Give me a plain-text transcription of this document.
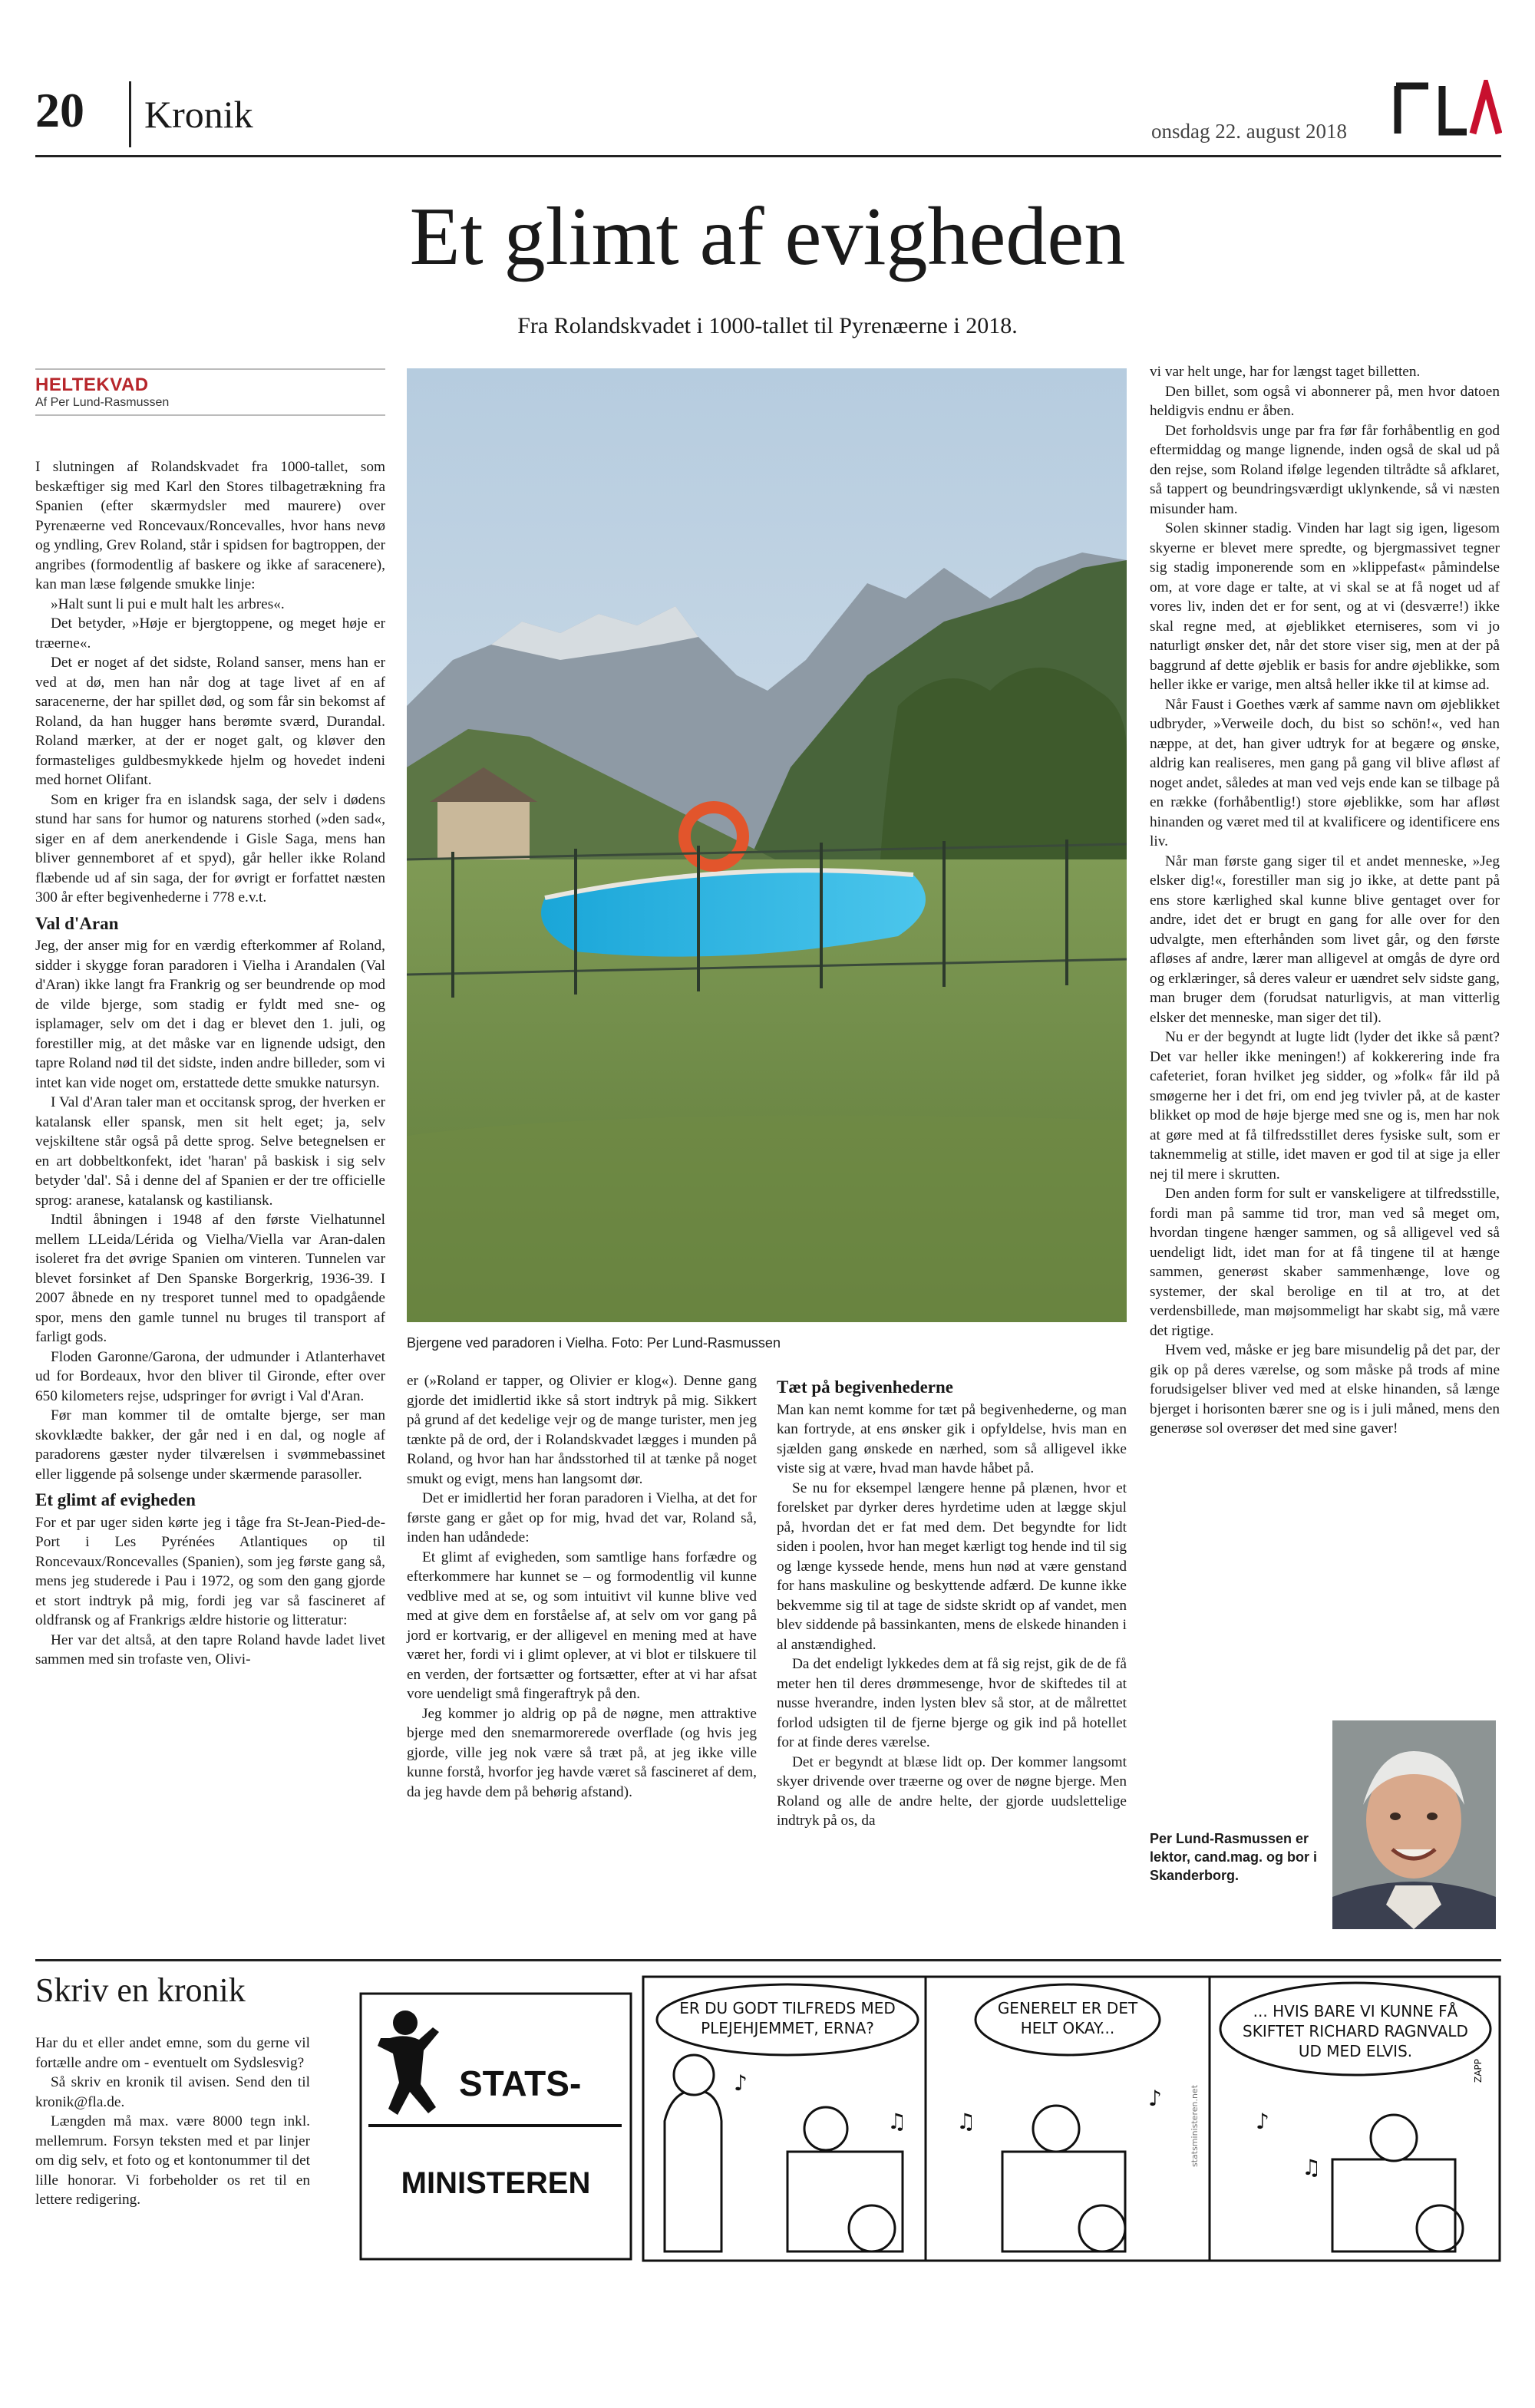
20 Kronik	onsdag 22. august 2018
Et glimt af evigheden
Fra Rolandskvadet i 1000-tallet til Pyrenæerne i 2018.
HELTEKVAD
Af Per Lund-Rasmussen

I slutningen af Rolandskvadet fra 1000-tallet, som beskæftiger sig med Karl den Stores tilbagetrækning fra Spanien (efter skærmydsler med maurere) over Pyrenæerne ved Roncevaux/Roncevalles, hvor hans nevø og yndling, Grev Roland, står i spidsen for bagtroppen, der angribes (formodentlig af baskere og ikke af saracenere), kan man læse følgende smukke linje:

»Halt sunt li pui e mult halt les arbres«.

Det betyder, »Høje er bjergtoppene, og meget høje er træerne«.

Det er noget af det sidste, Roland sanser, mens han er ved at dø, men han når dog at tage livet af en af saracenerne, der har spillet død, og som får sin bekomst af Roland, da han hugger hans berømte sværd, Durandal. Roland mærker, at der er noget galt, og kløver den formasteliges guldbesmykkede hjelm og hovedet indeni med hornet Olifant.

Som en kriger fra en islandsk saga, der selv i dødens stund har sans for humor og naturens storhed (»den sad«, siger en af dem anerkendende i Gisle Saga, mens han bliver gennemboret af et spyd), går heller ikke Roland flæbende ud af sin saga, der for øvrigt er forfattet næsten 300 år efter begivenhederne i 778 e.v.t.

Val d'Aran

Jeg, der anser mig for en værdig efterkommer af Roland, sidder i skygge foran paradoren i Vielha i Arandalen (Val d'Aran) ikke langt fra Frankrig og ser beundrende op mod de vilde bjerge, som stadig er fyldt med sne- og isplamager, selv om det i dag er blevet den 1. juli, og forestiller mig, at det måske var en lignende udsigt, den tapre Roland nød til det sidste, inden andre billeder, som vi intet kan vide noget om, erstattede dette smukke natursyn.

I Val d'Aran taler man et occitansk sprog, der hverken er katalansk eller spansk, men sit helt eget; ja, selv vejskiltene står også på dette sprog. Selve betegnelsen er en art dobbeltkonfekt, idet 'haran' på baskisk i sig selv betyder 'dal'. Så i denne del af Spanien er der tre officielle sprog: aranese, katalansk og kastiliansk.

Indtil åbningen i 1948 af den første Vielhatunnel mellem LLeida/Lérida og Vielha/Viella var Aran-dalen isoleret fra det øvrige Spanien om vinteren. Tunnelen var blevet forsinket af Den Spanske Borgerkrig, 1936-39. I 2007 åbnede en ny tresporet tunnel med to opadgående spor, mens den gamle tunnel nu bruges til transport af farligt gods.

Floden Garonne/Garona, der udmunder i Atlanterhavet ud for Bordeaux, hvor den bliver til Gironde, efter over 650 kilometers rejse, udspringer for øvrigt i Val d'Aran.

Før man kommer til de omtalte bjerge, ser man skovklædte bakker, der går ned i en dal, og nogle af paradorens gæster nyder tilværelsen i svømmebassinet eller liggende på solsenge under skærmende parasoller.

Et glimt af evigheden

For et par uger siden kørte jeg i tåge fra St-Jean-Pied-de-Port i Les Pyrénées Atlantiques op til Roncevaux/Roncevalles (Spanien), som jeg første gang så, mens jeg studerede i Pau i 1972, og som den gang gjorde et stort indtryk på mig, fordi jeg var så fascineret af oldfransk og af Frankrigs ældre historie og litteratur:

Her var det altså, at den tapre Roland havde ladet livet sammen med sin trofaste ven, Olivi-

Bjergene ved paradoren i Vielha. Foto: Per Lund-Rasmussen

er (»Roland er tapper, og Olivier er klog«). Denne gang gjorde det imidlertid ikke så stort indtryk på mig. Sikkert på grund af det kedelige vejr og de mange turister, men jeg tænkte på de ord, der i Rolandskvadet lægges i munden på Roland, og hvor han har åndsstorhed til at tænke på noget smukt og evigt, mens han langsomt dør.

Det er imidlertid her foran paradoren i Vielha, at det for første gang er gået op for mig, hvad det var, Roland så, inden han udåndede:

Et glimt af evigheden, som samtlige hans forfædre og efterkommere har kunnet se – og formodentlig vil kunne vedblive med at se, og som intuitivt vil kunne blive ved med at give dem en forståelse af, at selv om vor gang på jord er kortvarig, er der alligevel en mening med at have været her, fordi vi i glimt oplever, at vi blot er tilskuere til en verden, der fortsætter og fortsætter, efter at vi har afsat vore uendeligt små fingeraftryk på den.

Jeg kommer jo aldrig op på de nøgne, men attraktive bjerge med den snemarmorerede overflade (og hvis jeg gjorde, ville jeg nok være så træt på, at jeg ikke ville kunne forstå, hvorfor jeg havde været så fascineret af dem, da jeg havde dem på behørig afstand).

Tæt på begivenhederne

Man kan nemt komme for tæt på begivenhederne, og man kan fortryde, at ens ønsker gik i opfyldelse, hvis man en sjælden gang ønskede en nærhed, som så alligevel ikke viste sig at være, hvad man havde håbet på.

Se nu for eksempel længere henne på plænen, hvor et forelsket par dyrker deres hyrdetime uden at lægge skjul på, hvordan det er fat med dem. Det begyndte for lidt siden i poolen, hvor han meget kærligt tog hende ind til sig og længe kyssede hende, mens hun nød at være genstand for hans maskuline og beskyttende adfærd. De kunne ikke bekvemme sig til at tage de sidste skridt op af vandet, men blev siddende på bassinkanten, mens de elskede hinanden i al anstændighed.

Da det endeligt lykkedes dem at få sig rejst, gik de de få meter hen til deres drømmesenge, hvor de skiftedes til at nusse hverandre, inden lysten blev så stor, at de målrettet forlod udsigten til de fjerne bjerge og gik ind på hotellet for at finde deres værelse.

Det er begyndt at blæse lidt op. Der kommer langsomt skyer drivende over træerne og over de nøgne bjerge. Men Roland og alle de andre helte, der gjorde uudslettelige indtryk på os, da

vi var helt unge, har for længst taget billetten.

Den billet, som også vi abonnerer på, men hvor datoen heldigvis endnu er åben.

Det forholdsvis unge par fra før får forhåbentlig en god eftermiddag og mange lignende, inden også de skal ud på den rejse, som Roland ifølge legenden tiltrådte så afklaret, så tappert og beundringsværdigt uklynkende, så vi næsten misunder ham.

Solen skinner stadig. Vinden har lagt sig igen, ligesom skyerne er blevet mere spredte, og bjergmassivet tegner sig stadig imponerende som en »klippefast« påmindelse om, at vore dage er talte, at vi skal se at få noget ud af vores liv, inden det er for sent, og at vi (desværre!) ikke skal regne med, at øjeblikket eterniseres, som vi jo naturligt ønsker det, når det store viser sig, men at der på baggrund af dette øjeblik er basis for andre øjeblikke, som heller ikke er varige, men altså heller ikke til at kimse ad.

Når Faust i Goethes værk af samme navn om øjeblikket udbryder, »Verweile doch, du bist so schön!«, ved han næppe, at det, han giver udtryk for at begære og ønske, aldrig kan realiseres, men gang på gang vil blive afløst af noget andet, således at man ved vejs ende kan se tilbage på en række (forhåbentlig!) store øjeblikke, som har afløst hinanden og været med til at kvalificere og identificere ens liv.

Når man første gang siger til et andet menneske, »Jeg elsker dig!«, forestiller man sig jo ikke, at dette pant på ens store kærlighed skal kunne blive gentaget over for andre, idet det er brugt en gang for alle over for den udvalgte, men efterhånden som livet går, og den første afløses af andre, lærer man alligevel at omgås de dyre ord og erklæringer, så deres valeur er uændret selv sidste gang, man bruger dem (forudsat naturligvis, at man vitterlig elsker det menneske, man siger det til).

Nu er der begyndt at lugte lidt (lyder det ikke så pænt? Det var heller ikke meningen!) af kokkerering inde fra cafeteriet, foran hvilket jeg sidder, og »folk« får ild på smøgerne her i det fri, om end jeg tvivler på, at de kaster blikket op mod de høje bjerge med sne og is, men har nok at gøre med at få tilfredsstillet deres fysiske sult, som er taknemmelig at stille, idet maven er god til at sige ja eller nej til mere i skrutten.

Den anden form for sult er vanskeligere at tilfredsstille, fordi man på samme tid tror, man ved så meget om, hvordan tingene hænger sammen, og så alligevel ved så uendeligt lidt, idet man for at få tingene til at hænge sammen, generøst skaber sammenhænge, love og systemer, der skal berolige en til at tro, at det verdensbillede, man møjsommeligt har skabt sig, må være det rigtige.

Hvem ved, måske er jeg bare misundelig på det par, der gik op på deres værelse, og som måske på trods af mine forudsigelser bliver ved med at elske hinanden, så længe bjerget i horisonten bærer sne og is i juli måned, mens den generøse sol overøser det med sine gaver!

Per Lund-Rasmussen er lektor, cand.mag. og bor i Skanderborg.
Skriv en kronik

Har du et eller andet emne, som du gerne vil fortælle andre om - eventuelt om Sydslesvig?

Så skriv en kronik til avisen. Send den til kronik@fla.de.

Længden må max. være 8000 tegn inkl. mellemrum. Forsyn teksten med et par linjer om dig selv, et foto og et kontonummer til det lille honorar. Vi forbeholder os ret til en lettere redigering.

STATS-
MINISTEREN
ER DU GODT TILFREDS MED
PLEJEHJEMMET, ERNA?
♪
♫
GENERELT ER DET
HELT OKAY...
♪
♫
... HVIS BARE VI KUNNE FÅ
SKIFTET RICHARD RAGNVALD
UD MED ELVIS.
♪
♫
statsministeren.net
ZAPP
